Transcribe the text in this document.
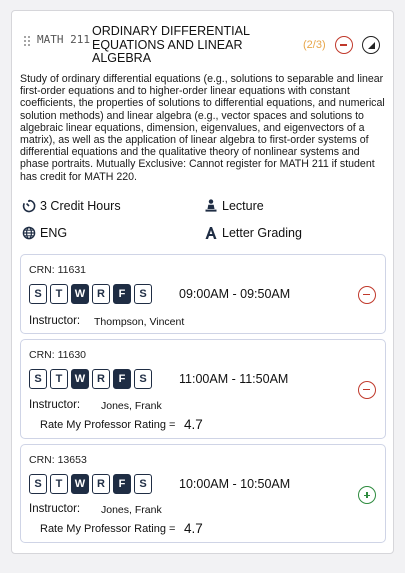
MATH 211
ORDINARY DIFFERENTIAL EQUATIONS AND LINEAR ALGEBRA
(2/3)
Study of ordinary differential equations (e.g., solutions to separable and linear first-order equations and to higher-order linear equations with constant coefficients, the properties of solutions to differential equations, and numerical solution methods) and linear algebra (e.g., vector spaces and solutions to algebraic linear equations, dimension, eigenvalues, and eigenvectors of a matrix), as well as the application of linear algebra to first-order systems of differential equations and the qualitative theory of nonlinear systems and phase portraits. Mutually Exclusive: Cannot register for MATH 211 if student has credit for MATH 220.
3 Credit Hours	Lecture
ENG	Letter Grading
CRN: 11631
S	T	W	R	F	S	09:00AM - 09:50AM
Instructor: Thompson, Vincent
CRN: 11630
S	T	W	R	F	S	11:00AM - 11:50AM
Instructor: Jones, Frank
Rate My Professor Rating = 4.7
CRN: 13653
S	T	W	R	F	S	10:00AM - 10:50AM
Instructor: Jones, Frank
Rate My Professor Rating = 4.7
